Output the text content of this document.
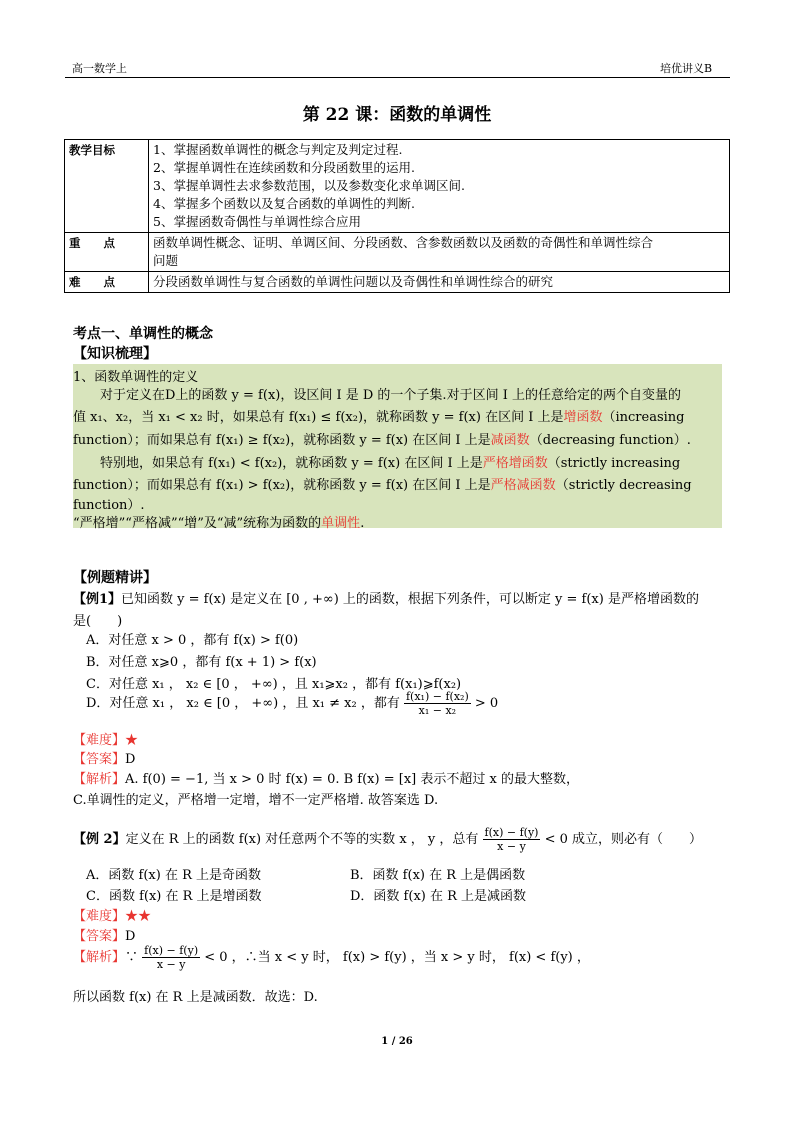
高一数学上	培优讲义B
第 22 课：函数的单调性
教学目标	1、掌握函数单调性的概念与判定及判定过程.
2、掌握单调性在连续函数和分段函数里的运用.
3、掌握单调性去求参数范围，以及参数变化求单调区间.
4、掌握多个函数以及复合函数的单调性的判断.
5、掌握函数奇偶性与单调性综合应用

重　　点	函数单调性概念、证明、单调区间、分段函数、含参数函数以及函数的奇偶性和单调性综合
问题

难　　点	分段函数单调性与复合函数的单调性问题以及奇偶性和单调性综合的研究
考点一、单调性的概念
【知识梳理】
1、函数单调性的定义
对于定义在D上的函数 y = f(x)，设区间 I 是 D 的一个子集.对于区间 I 上的任意给定的两个自变量的
值 x₁、x₂，当 x₁ < x₂ 时，如果总有 f(x₁) ≤ f(x₂)，就称函数 y = f(x) 在区间 I 上是增函数（increasing
function）；而如果总有 f(x₁) ≥ f(x₂)，就称函数 y = f(x) 在区间 I 上是减函数（decreasing function）.
特别地，如果总有 f(x₁) < f(x₂)，就称函数 y = f(x) 在区间 I 上是严格增函数（strictly increasing
function）；而如果总有 f(x₁) > f(x₂)，就称函数 y = f(x) 在区间 I 上是严格减函数（strictly decreasing
function）.
“严格增”“严格减”“增”及“减”统称为函数的单调性.
【例题精讲】
【例1】已知函数 y = f(x) 是定义在 [0 , +∞) 上的函数，根据下列条件，可以断定 y = f(x) 是严格增函数的
是(　　)
A．对任意 x > 0 ，都有 f(x) > f(0)
B．对任意 x⩾0 ，都有 f(x + 1) > f(x)
C．对任意 x₁ ， x₂ ∈ [0 ， +∞) ，且 x₁⩾x₂ ，都有 f(x₁)⩾f(x₂)
D．对任意 x₁ ， x₂ ∈ [0 ， +∞) ，且 x₁ ≠ x₂ ，都有 $\frac{\text{f(x₁) − f(x₂)}}{\text{x₁ − x₂}} > 0$
【难度】★
【答案】D
【解析】A. f(0) = −1, 当 x > 0 时 f(x) = 0. B f(x) = [x] 表示不超过 x 的最大整数，
C.单调性的定义，严格增一定增，增不一定严格增. 故答案选 D.
【例 2】定义在 R 上的函数 f(x) 对任意两个不等的实数 x ， y ，总有 $\frac{f(x) - f(y)}{x - y} < 0$ 成立，则必有（　　）
A．函数 f(x) 在 R 上是奇函数	B．函数 f(x) 在 R 上是偶函数
C．函数 f(x) 在 R 上是增函数	D．函数 f(x) 在 R 上是减函数
【难度】★★
【答案】D
【解析】∵ $\frac{f(x) - f(y)}{x - y} < 0$ ，∴当 x < y 时， f(x) > f(y) ，当 x > y 时， f(x) < f(y) ，
所以函数 f(x) 在 R 上是减函数．故选：D.
1 / 26
